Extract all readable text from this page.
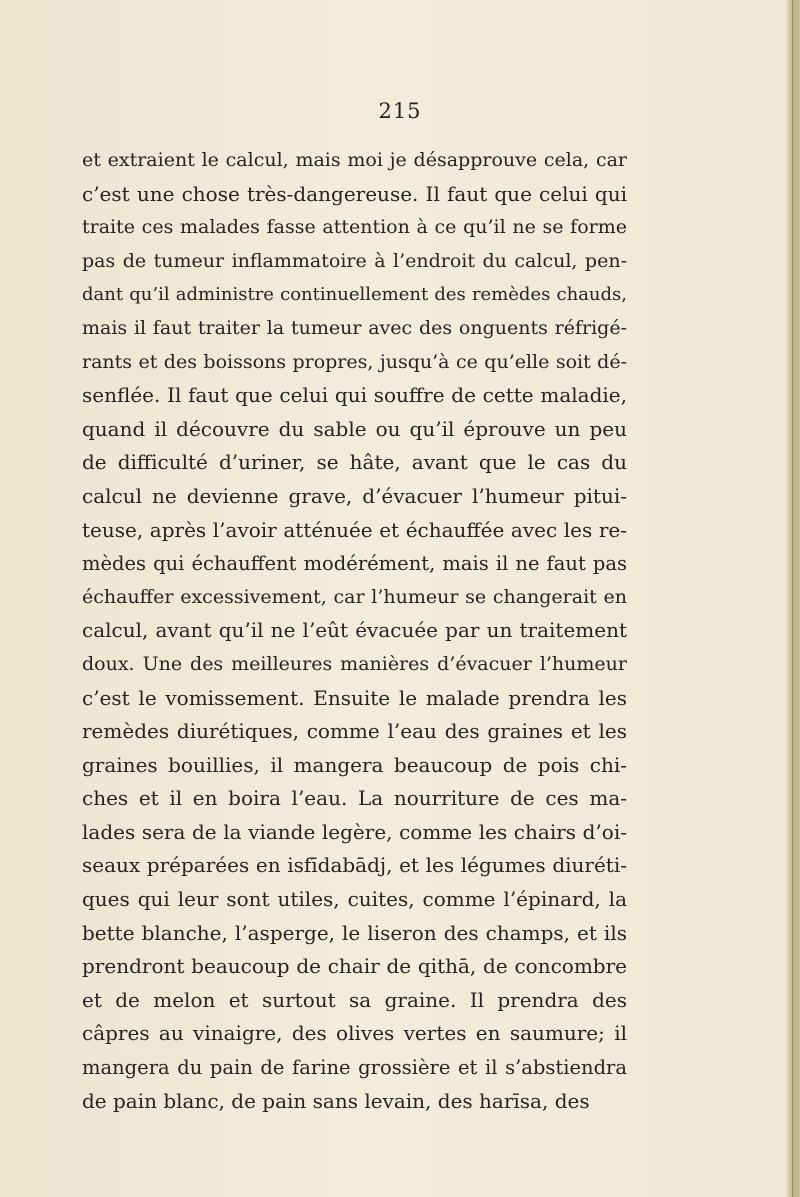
215
et extraient le calcul, mais moi je désapprouve cela, car
c’est une chose très-dangereuse. Il faut que celui qui
traite ces malades fasse attention à ce qu’il ne se forme
pas de tumeur inflammatoire à l’endroit du calcul, pen-
dant qu’il administre continuellement des remèdes chauds,
mais il faut traiter la tumeur avec des onguents réfrigé-
rants et des boissons propres, jusqu’à ce qu’elle soit dé-
senflée. Il faut que celui qui souffre de cette maladie,
quand il découvre du sable ou qu’il éprouve un peu
de difficulté d’uriner, se hâte, avant que le cas du
calcul ne devienne grave, d’évacuer l’humeur pitui-
teuse, après l’avoir atténuée et échauffée avec les re-
mèdes qui échauffent modérément, mais il ne faut pas
échauffer excessivement, car l’humeur se changerait en
calcul, avant qu’il ne l’eût évacuée par un traitement
doux. Une des meilleures manières d’évacuer l’humeur
c’est le vomissement. Ensuite le malade prendra les
remèdes diurétiques, comme l’eau des graines et les
graines bouillies, il mangera beaucoup de pois chi-
ches et il en boira l’eau. La nourriture de ces ma-
lades sera de la viande legère, comme les chairs d’oi-
seaux préparées en isfīdabādj, et les légumes diuréti-
ques qui leur sont utiles, cuites, comme l’épinard, la
bette blanche, l’asperge, le liseron des champs, et ils
prendront beaucoup de chair de qithā, de concombre
et de melon et surtout sa graine. Il prendra des
câpres au vinaigre, des olives vertes en saumure; il
mangera du pain de farine grossière et il s’abstiendra
de pain blanc, de pain sans levain, des harīsa, des
